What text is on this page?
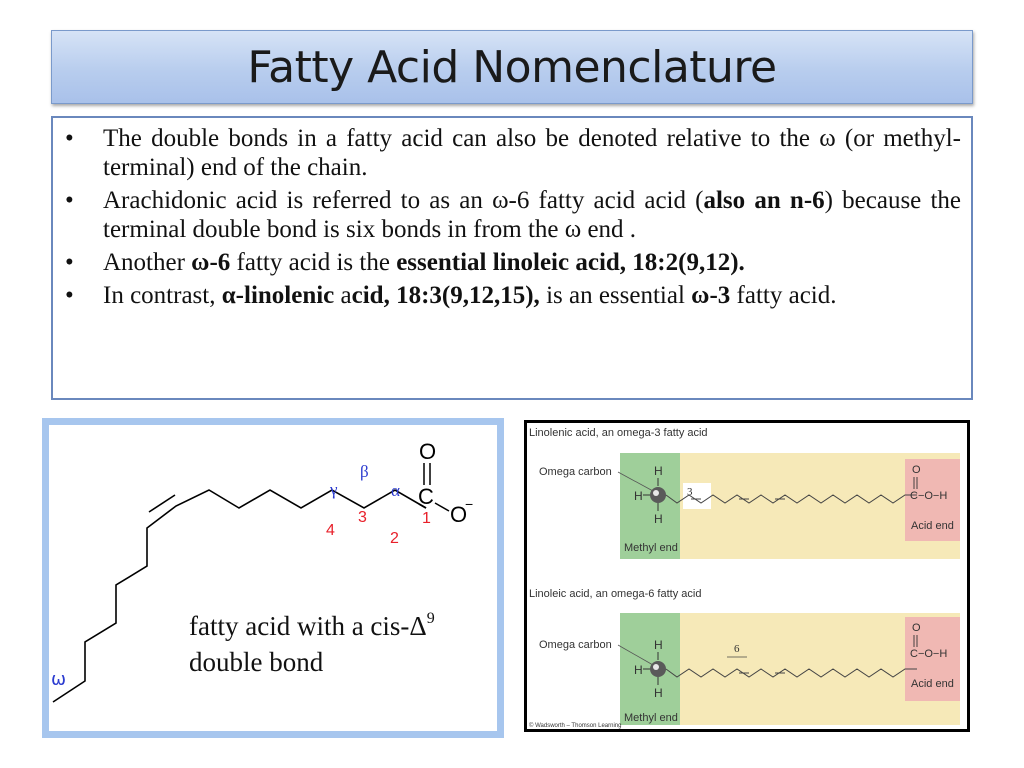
Fatty Acid Nomenclature
•	The double bonds in a fatty acid can also be denoted relative to the ω (or methyl-terminal) end of the chain.
•	Arachidonic acid is referred to as an ω-6 fatty acid acid (also an n-6) because the terminal double bond is six bonds in from the ω end .
•	Another ω-6 fatty acid is the essential linoleic acid, 18:2(9,12).
•	In contrast, α-linolenic acid, 18:3(9,12,15), is an essential ω-3 fatty acid.
O
C
O
−
β
γ	α
4
3	1
2
ω
fatty acid with a cis-$\Delta^9$
double bond
Linolenic acid, an omega-3 fatty acid
Omega carbon	H
H
H
3
O
C−O−H
Acid end
Methyl end
Linoleic acid, an omega-6 fatty acid
Omega carbon	H
H
H
6
O
C−O−H
Acid end
Methyl end
© Wadsworth – Thomson Learning
